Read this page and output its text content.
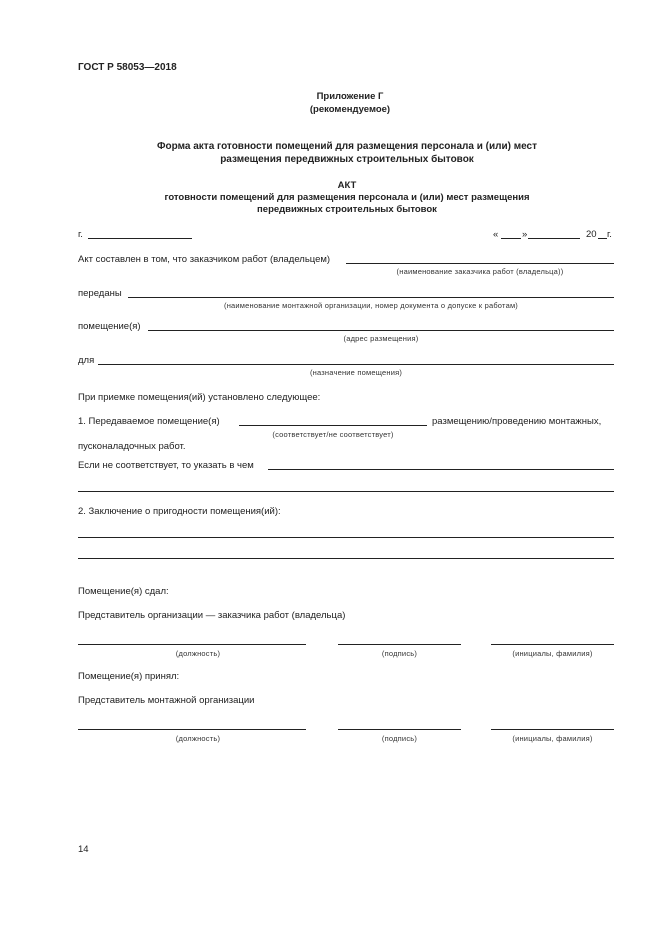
ГОСТ Р 58053—2018
Приложение Г
(рекомендуемое)
Форма акта готовности помещений для размещения персонала и (или) мест
размещения передвижных строительных бытовок
АКТ
готовности помещений для размещения персонала и (или) мест размещения
передвижных строительных бытовок
г.	« »	20 г.
Акт составлен в том, что заказчиком работ (владельцем)
(наименование заказчика работ (владельца))
переданы
(наименование монтажной организации, номер документа о допуске к работам)
помещение(я)
(адрес размещения)
для
(назначение помещения)
При приемке помещения(ий) установлено следующее:
1. Передаваемое помещение(я)
(соответствует/не соответствует)
размещению/проведению монтажных,
пусконаладочных работ.
Если не соответствует, то указать в чем
2. Заключение о пригодности помещения(ий):
Помещение(я) сдал:
Представитель организации — заказчика работ (владельца)
(должность)	(подпись)	(инициалы, фамилия)
Помещение(я) принял:
Представитель монтажной организации
(должность)	(подпись)	(инициалы, фамилия)
14
